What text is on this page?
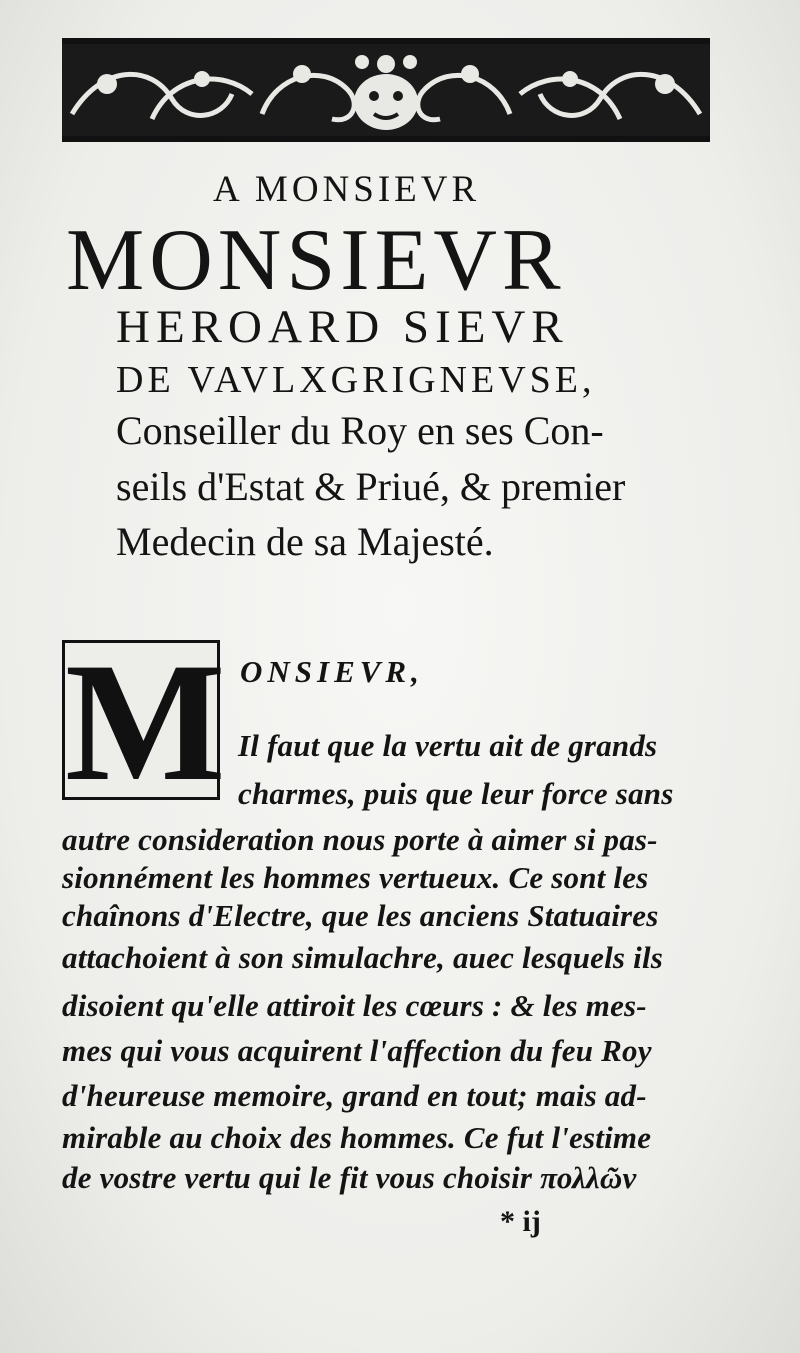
A MONSIEVR
MONSIEVR
HEROARD SIEVR
DE VAVLXGRIGNEVSE,
Conseiller du Roy en ses Con-
seils d'Estat & Priué, & premier
Medecin de sa Majesté.
M ONSIEVR,
Il faut que la vertu ait de grands
charmes, puis que leur force sans
autre consideration nous porte à aimer si pas-
sionnément les hommes vertueux. Ce sont les
chaînons d'Electre, que les anciens Statuaires
attachoient à son simulachre, auec lesquels ils
disoient qu'elle attiroit les cœurs : & les mes-
mes qui vous acquirent l'affection du feu Roy
d'heureuse memoire, grand en tout; mais ad-
mirable au choix des hommes. Ce fut l'estime
de vostre vertu qui le fit vous choisir πολλῶν
* ij
